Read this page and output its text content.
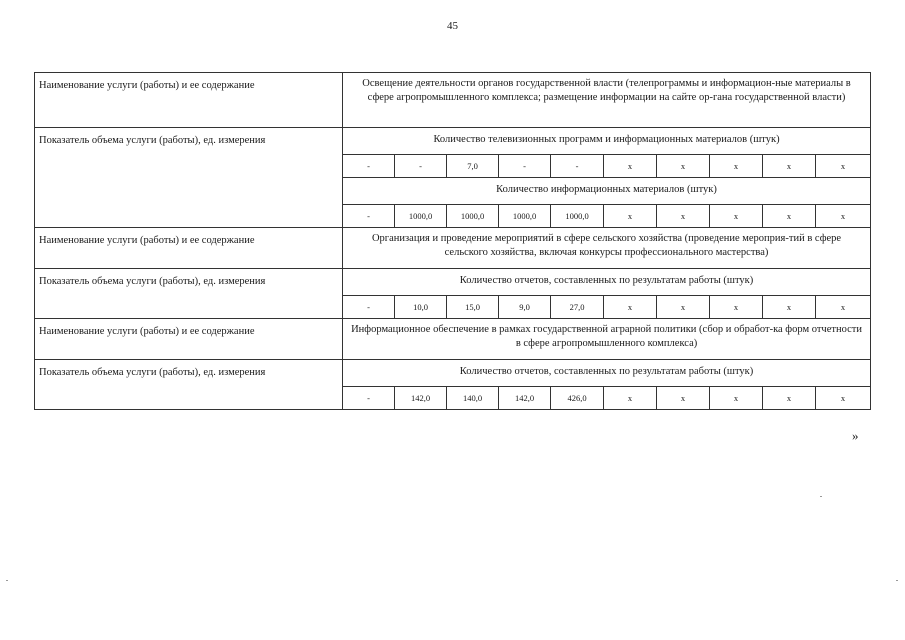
45
Наименование услуги (работы) и ее содержание	Освещение деятельности органов государственной власти (телепрограммы и информацион-ные материалы в сфере агропромышленного комплекса; размещение информации на сайте ор-гана государственной власти)									
Показатель объема услуги (работы), ед. измерения	Количество телевизионных программ и информационных материалов (штук)									
	-	-	7,0	-	-	x	x	x	x	x
	Количество информационных материалов (штук)									
	-	1000,0	1000,0	1000,0	1000,0	x	x	x	x	x
Наименование услуги (работы) и ее содержание	Организация и проведение мероприятий в сфере сельского хозяйства (проведение мероприя-тий в сфере сельского хозяйства, включая конкурсы профессионального мастерства)									
Показатель объема услуги (работы), ед. измерения	Количество отчетов, составленных по результатам работы (штук)									
	-	10,0	15,0	9,0	27,0	x	x	x	x	x
Наименование услуги (работы) и ее содержание	Информационное обеспечение в рамках государственной аграрной политики (сбор и обработ-ка форм отчетности в сфере агропромышленного комплекса)									
Показатель объема услуги (работы), ед. измерения	Количество отчетов, составленных по результатам работы (штук)									
	-	142,0	140,0	142,0	426,0	x	x	x	x	x
»
